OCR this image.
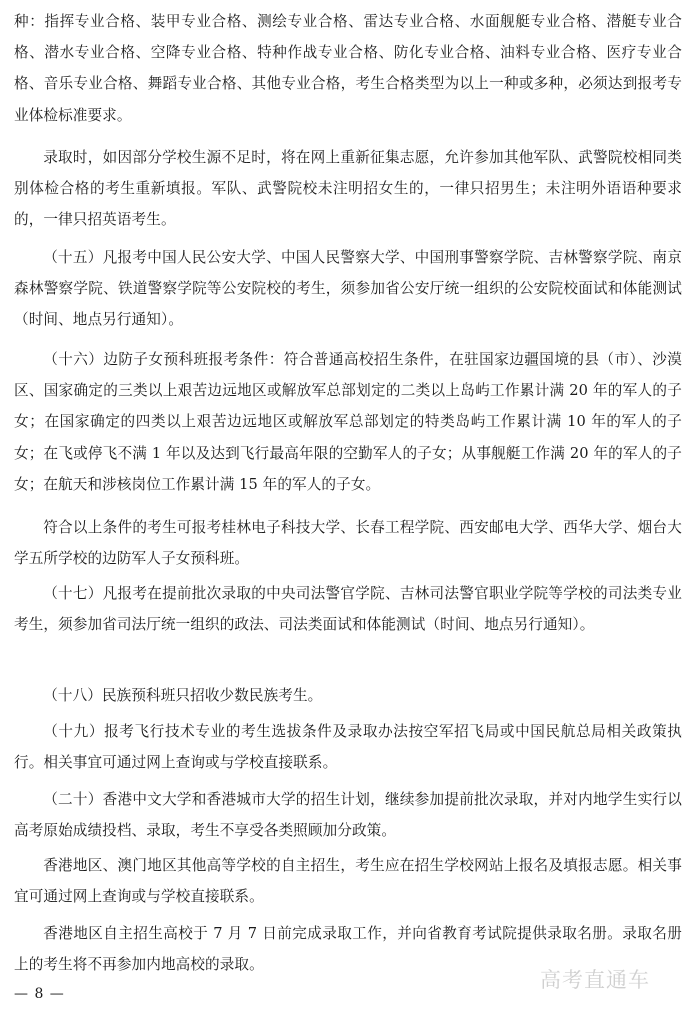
种：指挥专业合格、装甲专业合格、测绘专业合格、雷达专业合格、水面舰艇专业合格、潜艇专业合格、潜水专业合格、空降专业合格、特种作战专业合格、防化专业合格、油料专业合格、医疗专业合格、音乐专业合格、舞蹈专业合格、其他专业合格，考生合格类型为以上一种或多种，必须达到报考专业体检标准要求。

录取时，如因部分学校生源不足时，将在网上重新征集志愿，允许参加其他军队、武警院校相同类别体检合格的考生重新填报。军队、武警院校未注明招女生的，一律只招男生；未注明外语语种要求的，一律只招英语考生。

（十五）凡报考中国人民公安大学、中国人民警察大学、中国刑事警察学院、吉林警察学院、南京森林警察学院、铁道警察学院等公安院校的考生，须参加省公安厅统一组织的公安院校面试和体能测试（时间、地点另行通知）。

（十六）边防子女预科班报考条件：符合普通高校招生条件，在驻国家边疆国境的县（市）、沙漠区、国家确定的三类以上艰苦边远地区或解放军总部划定的二类以上岛屿工作累计满 20 年的军人的子女；在国家确定的四类以上艰苦边远地区或解放军总部划定的特类岛屿工作累计满 10 年的军人的子女；在飞或停飞不满 1 年以及达到飞行最高年限的空勤军人的子女；从事舰艇工作满 20 年的军人的子女；在航天和涉核岗位工作累计满 15 年的军人的子女。

符合以上条件的考生可报考桂林电子科技大学、长春工程学院、西安邮电大学、西华大学、烟台大学五所学校的边防军人子女预科班。

（十七）凡报考在提前批次录取的中央司法警官学院、吉林司法警官职业学院等学校的司法类专业考生，须参加省司法厅统一组织的政法、司法类面试和体能测试（时间、地点另行通知）。

（十八）民族预科班只招收少数民族考生。

（十九）报考飞行技术专业的考生选拔条件及录取办法按空军招飞局或中国民航总局相关政策执行。相关事宜可通过网上查询或与学校直接联系。

（二十）香港中文大学和香港城市大学的招生计划，继续参加提前批次录取，并对内地学生实行以高考原始成绩投档、录取，考生不享受各类照顾加分政策。

香港地区、澳门地区其他高等学校的自主招生，考生应在招生学校网站上报名及填报志愿。相关事宜可通过网上查询或与学校直接联系。

香港地区自主招生高校于 7 月 7 日前完成录取工作，并向省教育考试院提供录取名册。录取名册上的考生将不再参加内地高校的录取。

— 8 —
高考直通车
